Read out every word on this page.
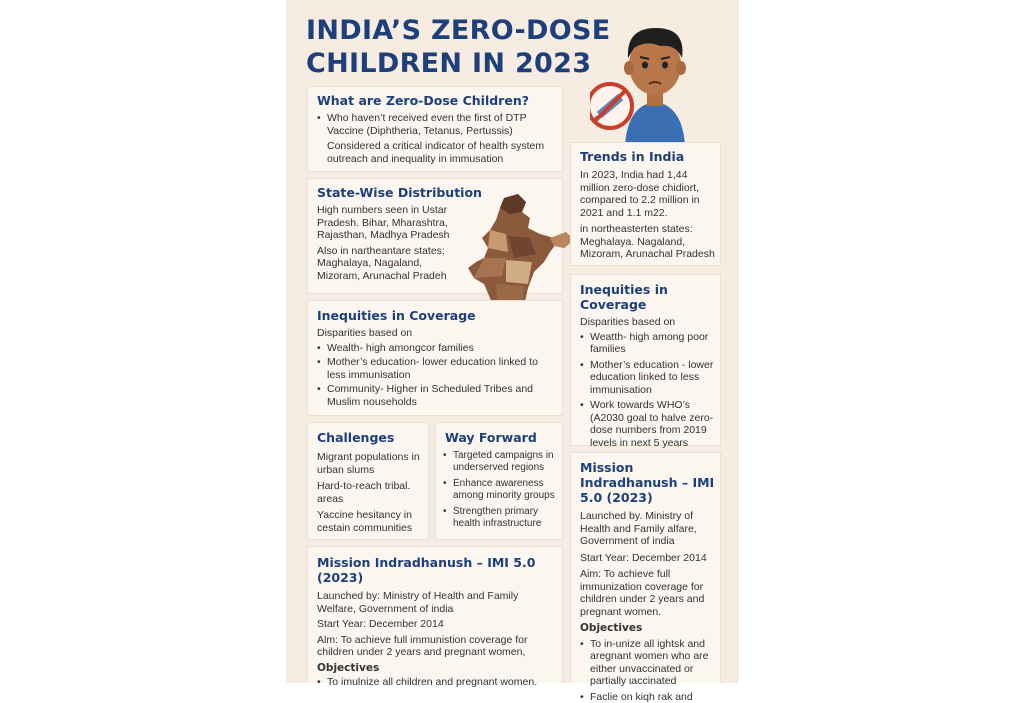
INDIA’S ZERO-DOSE
CHILDREN IN 2023
What are Zero-Dose Children?
• Who haven’t received even the first of DTP Vaccine (Diphtheria, Tetanus, Pertussis)

Considered a critical indicator of health system outreach and inequality in immusation

State-Wise Distribution

High numbers seen in Ustar Pradesh. Bihar, Mharashtra, Rajasthan, Madhya Pradesh

Also in nartheantare states; Maghalaya, Nagaland, Mizoram, Arunachal Pradeh

Inequities in Coverage

Disparities based on

• Wealth- high amongcor families
• Mother’s education- lower education linked to less immunisation
• Community- Higher in Scheduled Tribes and Muslim nouseholds
Challenges

Migrant populations in urban slums

Hard-to-reach tribal. areas

Yaccine hesitancy in cestain communities

Way Forward
• Targeted campaigns in underserved regions
• Enhance awareness among minority groups
• Strengthen primary health infrastructure
Mission Indradhanush – IMI 5.0 (2023)

Launched by: Ministry of Health and Family Welfare, Government of india

Start Year: December 2014

Alm: To achieve full immunistion coverage for children under 2 years and pregnant women,

Objectives

• To imulnize all children and pregnant women.
Trends in India

In 2023, India had 1,44 million zero-dose chidiort, compared to 2.2 million in 2021 and 1.1 m22.

in northeasterten states: Meghalaya. Nagaland, Mizoram, Arunachal Pradesh

Inequities in Coverage

Disparities based on

• Weatth- high among poor families
• Mother’s education - lower education linked to less immunisation
• Work towards WHO’s (A2030 goal to halve zero-dose numbers from 2019 levels in next 5 years
Mission Indradhanush – IMI 5.0 (2023)

Launched by. Ministry of Health and Family alfare, Government of india

Start Year: December 2014

Aim: To achieve full immunization coverage for children under 2 years and pregnant women.

Objectives

• To in-unize all ightsk and aregnant women who are either unvaccinated or partially ɩaccinated
• Faclie on kiqh rak and
